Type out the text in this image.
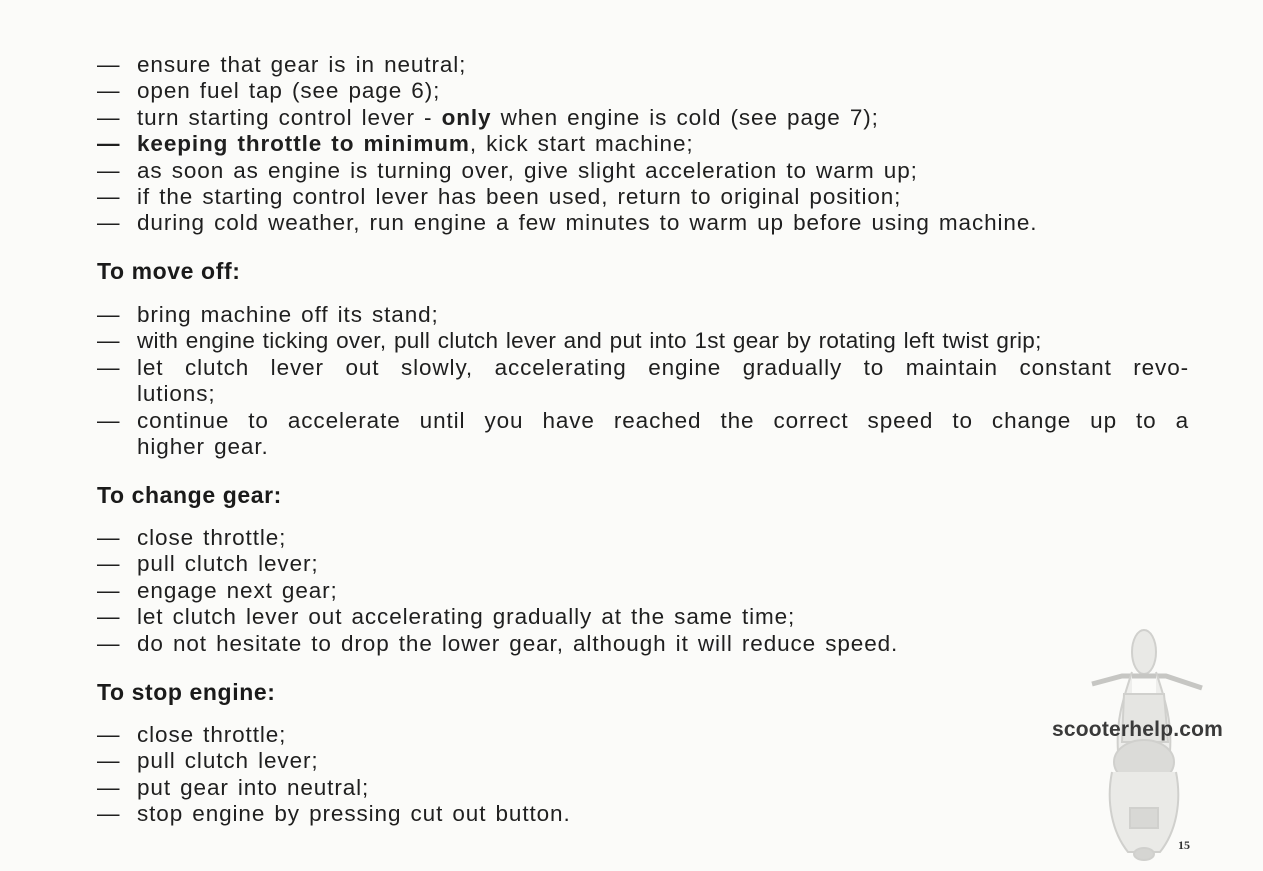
— ensure that gear is in neutral;
— open fuel tap (see page 6);
— turn starting control lever - only when engine is cold (see page 7);
— keeping throttle to minimum, kick start machine;
— as soon as engine is turning over, give slight acceleration to warm up;
— if the starting control lever has been used, return to original position;
— during cold weather, run engine a few minutes to warm up before using machine.
To move off:
— bring machine off its stand;
— with engine ticking over, pull clutch lever and put into 1st gear by rotating left twist grip;
— let clutch lever out slowly, accelerating engine gradually to maintain constant revo-
lutions;
— continue to accelerate until you have reached the correct speed to change up to a
higher gear.
To change gear:
— close throttle;
— pull clutch lever;
— engage next gear;
— let clutch lever out accelerating gradually at the same time;
— do not hesitate to drop the lower gear, although it will reduce speed.
To stop engine:
— close throttle;
— pull clutch lever;
— put gear into neutral;
— stop engine by pressing cut out button.
scooterhelp.com
15
